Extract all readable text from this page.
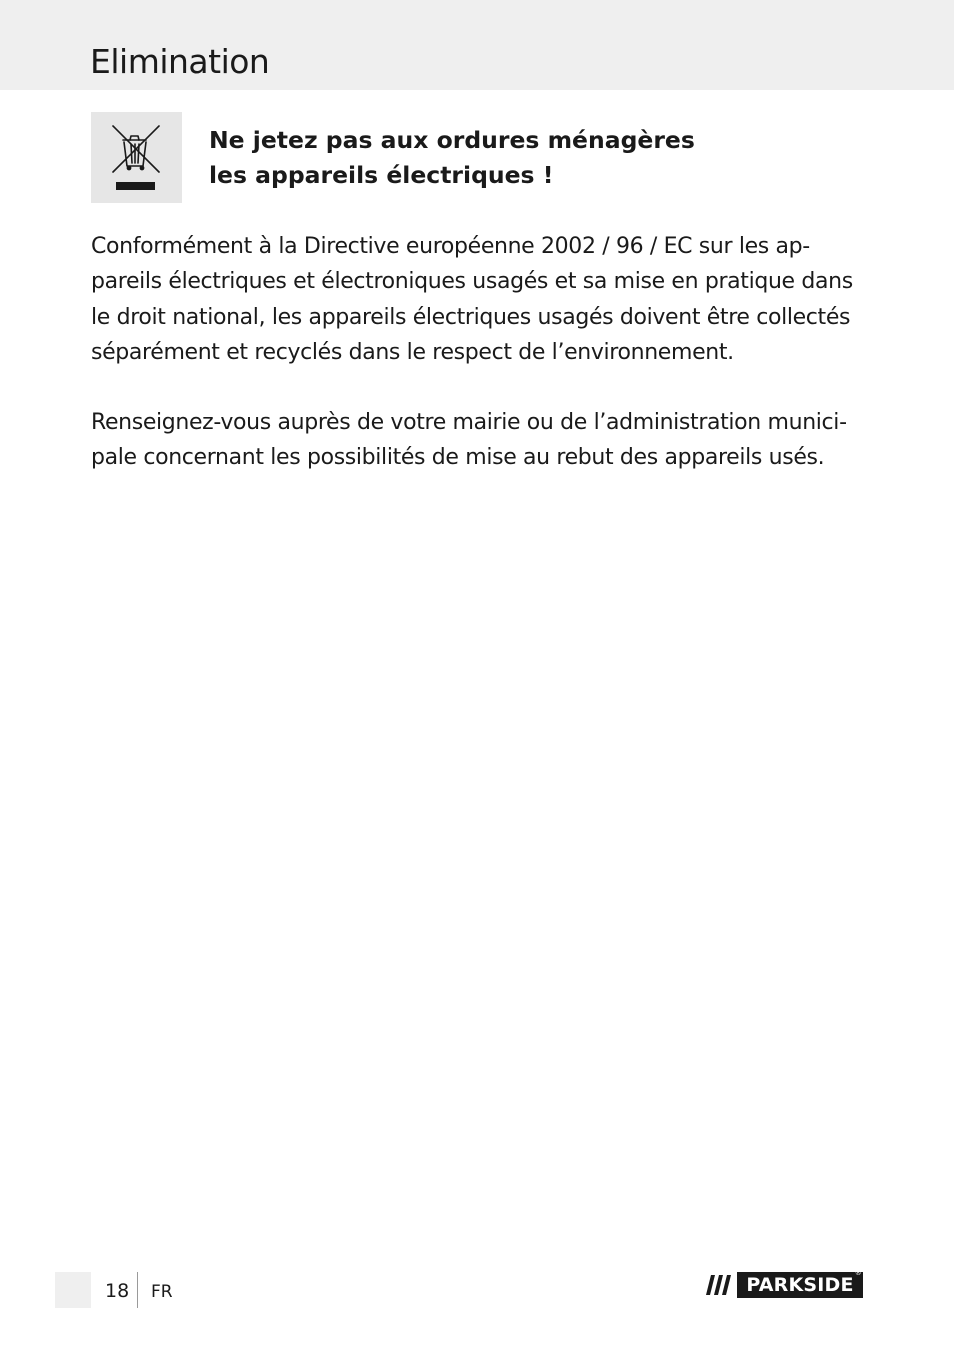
Elimination
Ne jetez pas aux ordures ménagères
les appareils électriques !

Conformément à la Directive européenne 2002 / 96 / EC sur les ap-
pareils électriques et électroniques usagés et sa mise en pratique dans
le droit national, les appareils électriques usagés doivent être collectés
séparément et recyclés dans le respect de l’environnement.

Renseignez-vous auprès de votre mairie ou de l’administration munici-
pale concernant les possibilités de mise au rebut des appareils usés.

18 FR	PARKSIDE
®
